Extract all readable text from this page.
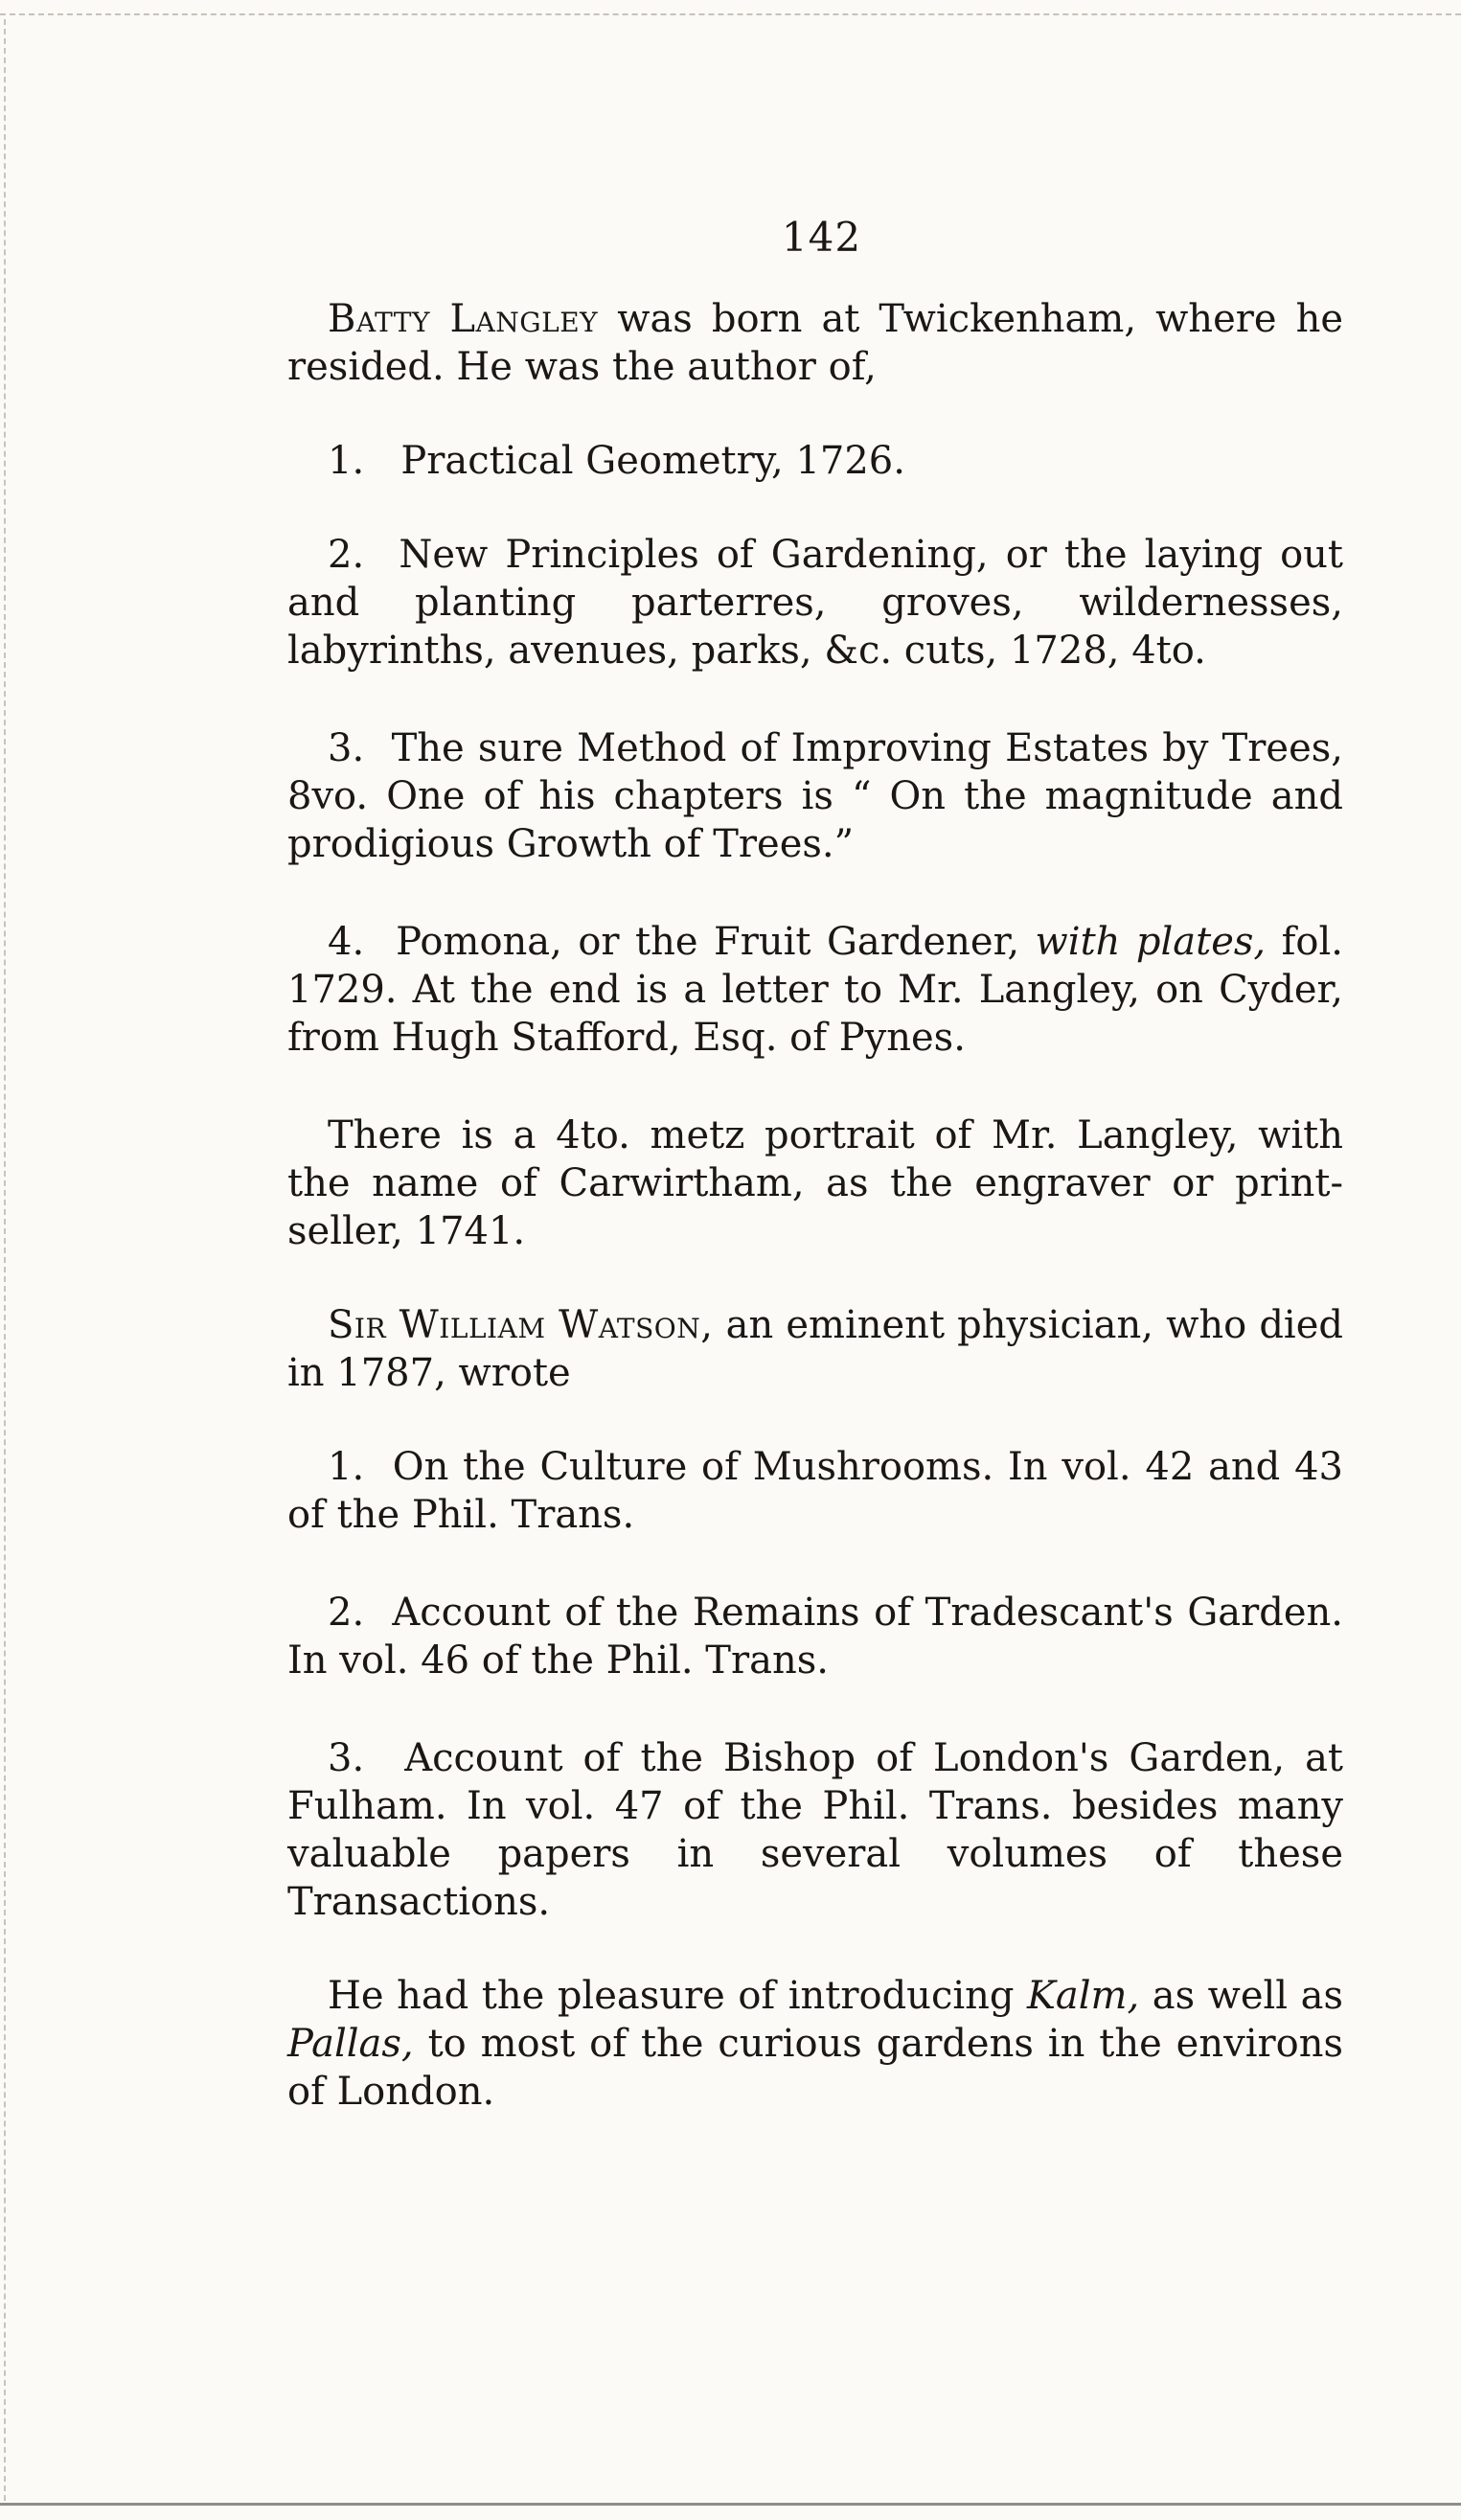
142

Batty Langley was born at Twickenham, where he resided. He was the author of,

1. Practical Geometry, 1726.

2. New Principles of Gardening, or the laying out and planting parterres, groves, wildernesses, labyrinths, avenues, parks, &c. cuts, 1728, 4to.

3. The sure Method of Improving Estates by Trees, 8vo. One of his chapters is “ On the magnitude and prodigious Growth of Trees.”

4. Pomona, or the Fruit Gardener, with plates, fol. 1729. At the end is a letter to Mr. Langley, on Cyder, from Hugh Stafford, Esq. of Pynes.

There is a 4to. metz portrait of Mr. Langley, with the name of Carwirtham, as the engraver or print-seller, 1741.

Sir William Watson, an eminent physician, who died in 1787, wrote

1. On the Culture of Mushrooms. In vol. 42 and 43 of the Phil. Trans.

2. Account of the Remains of Tradescant's Garden. In vol. 46 of the Phil. Trans.

3. Account of the Bishop of London's Garden, at Fulham. In vol. 47 of the Phil. Trans. besides many valuable papers in several volumes of these Transactions.

He had the pleasure of introducing Kalm, as well as Pallas, to most of the curious gardens in the environs of London.
